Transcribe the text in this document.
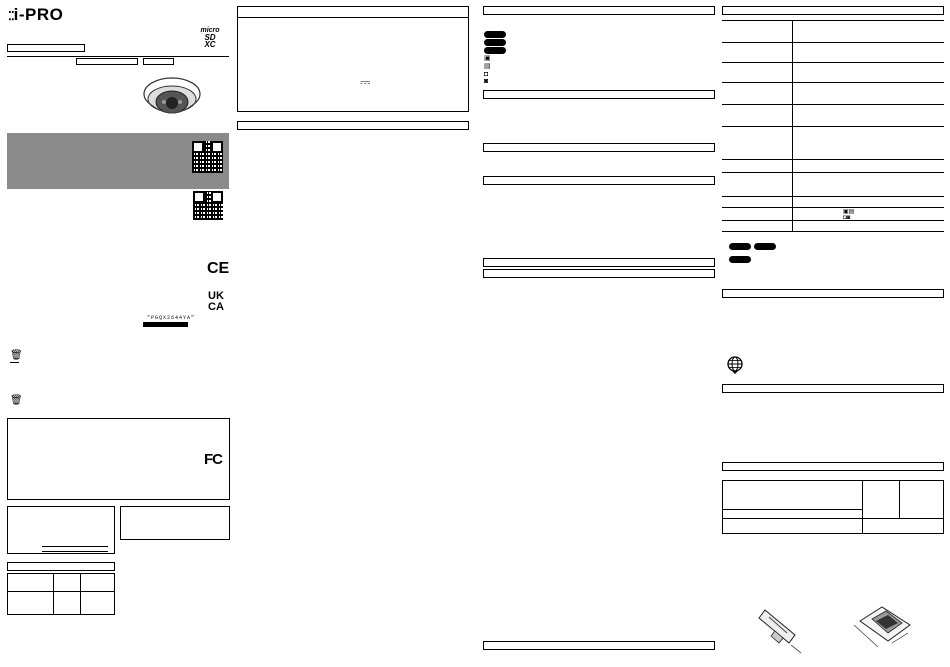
⁚⁚i-PRO
micro
SD
XC
CE
UK
CA
"PGQX2644YA"
🗑
🗑
FC
⎓
▣
▤
◘
◙
▣▤
◘◙
